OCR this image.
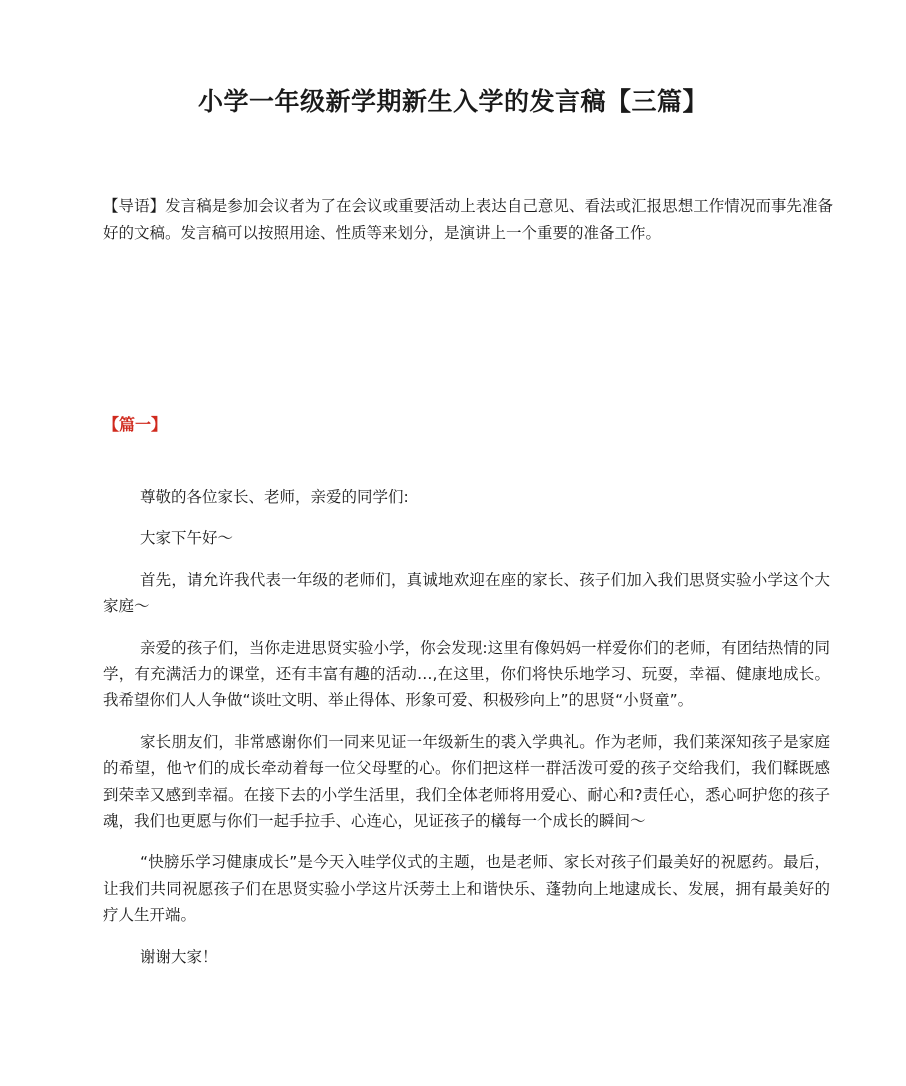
小学一年级新学期新生入学的发言稿【三篇】
【导语】发言稿是参加会议者为了在会议或重要活动上表达自己意见、看法或汇报思想工作情况而事先准备好的文稿。发言稿可以按照用途、性质等来划分，是演讲上一个重要的准备工作。
【篇一】

尊敬的各位家长、老师，亲爱的同学们:

大家下午好～

首先，请允许我代表一年级的老师们，真诚地欢迎在座的家长、孩子们加入我们思贤实验小学这个大家庭～

亲爱的孩子们，当你走进思贤实验小学，你会发现:这里有像妈妈一样爱你们的老师，有团结热情的同学，有充满活力的课堂，还有丰富有趣的活动…,在这里，你们将快乐地学习、玩耍，幸福、健康地成长。我希望你们人人争做“谈吐文明、举止得体、形象可爱、积极殄向上”的思贤“小贤童”。

家长朋友们，非常感谢你们一同来见证一年级新生的裘入学典礼。作为老师，我们莱深知孩子是家庭的希望，他ヤ们的成长牵动着每一位父母墅的心。你们把这样一群活泼可爱的孩子交给我们，我们鞣既感到荣幸又感到幸福。在接下去的小学生活里，我们全体老师将用爱心、耐心和?责任心，悉心呵护您的孩子魂，我们也更愿与你们一起手拉手、心连心，见证孩子的檥每一个成长的瞬间～

“快膀乐学习健康成长”是今天入哇学仪式的主题，也是老师、家长对孩子们最美好的祝愿药。最后，让我们共同祝愿孩子们在思贤实验小学这片沃蒡土上和谐快乐、蓬勃向上地逮成长、发展，拥有最美好的疗人生开端。

谢谢大家！
